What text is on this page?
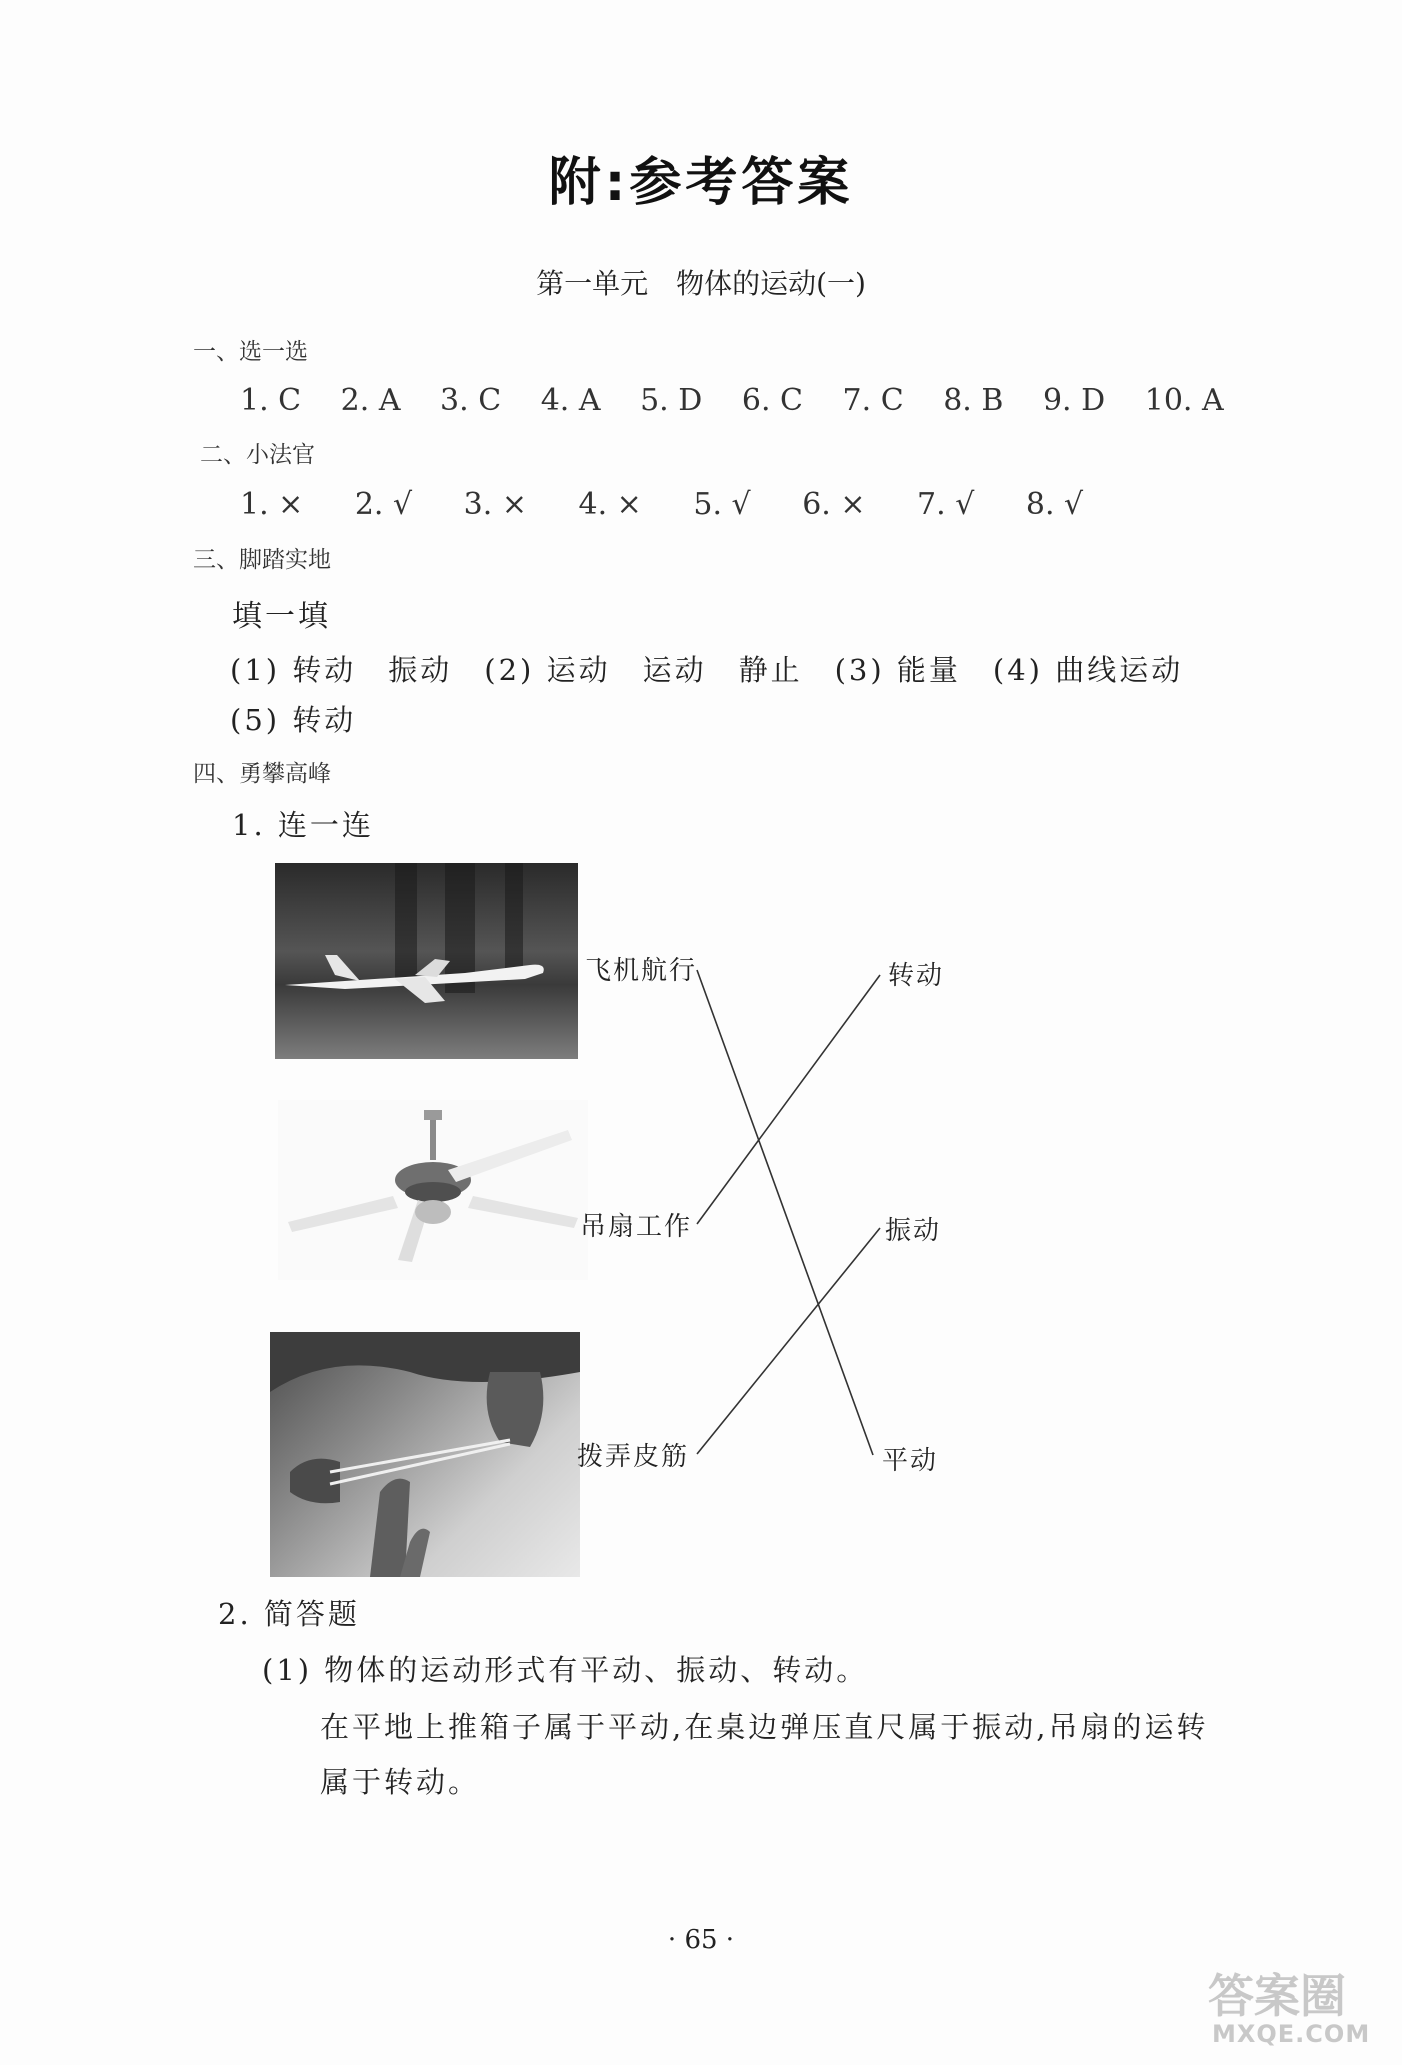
附:参考答案
第一单元　物体的运动(一)
一、选一选
1. C 2. A 3. C 4. A 5. D 6. C 7. C 8. B 9. D 10. A
二、小法官
1. × 2. √ 3. × 4. × 5. √ 6. × 7. √ 8. √
三、脚踏实地
填一填
(1) 转动　振动　(2) 运动　运动　静止　(3) 能量　(4) 曲线运动
(5) 转动
四、勇攀高峰
1. 连一连
飞机航行
吊扇工作
拨弄皮筋
转动
振动
平动
2. 简答题
(1) 物体的运动形式有平动、振动、转动。
在平地上推箱子属于平动,在桌边弹压直尺属于振动,吊扇的运转
属于转动。
· 65 ·
答案圈
MXQE.COM
